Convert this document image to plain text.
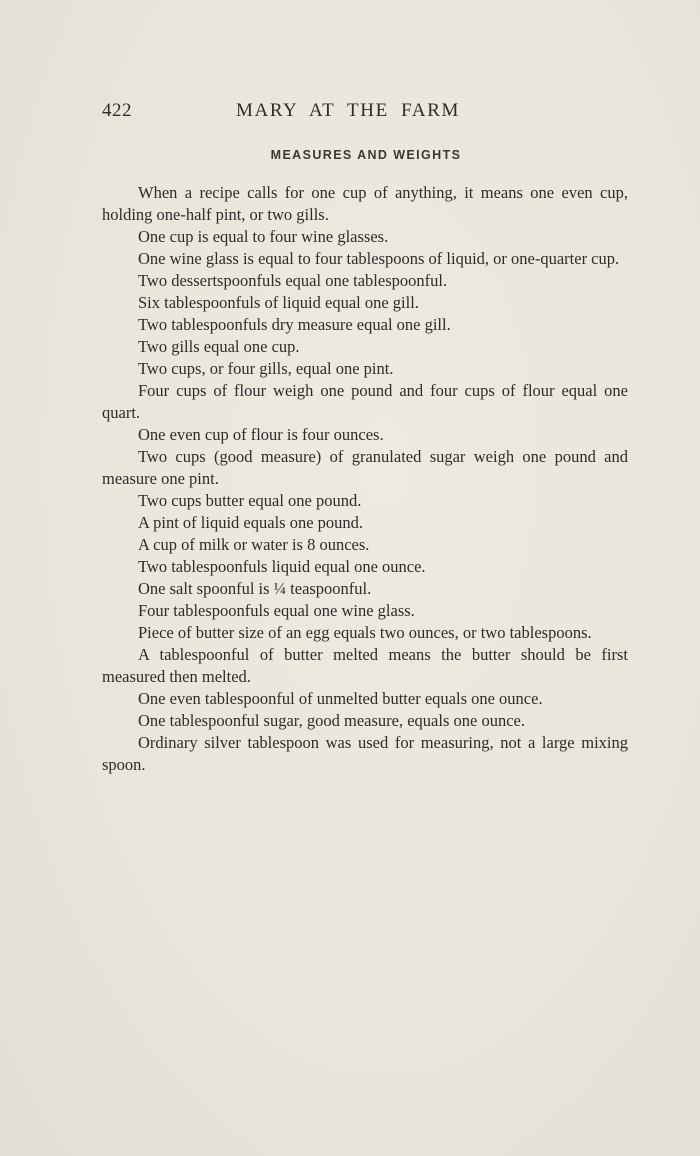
422	MARY AT THE FARM
MEASURES AND WEIGHTS

When a recipe calls for one cup of anything, it means one even cup, holding one-half pint, or two gills.

One cup is equal to four wine glasses.

One wine glass is equal to four tablespoons of liquid, or one-quarter cup.

Two dessertspoonfuls equal one tablespoonful.

Six tablespoonfuls of liquid equal one gill.

Two tablespoonfuls dry measure equal one gill.

Two gills equal one cup.

Two cups, or four gills, equal one pint.

Four cups of flour weigh one pound and four cups of flour equal one quart.

One even cup of flour is four ounces.

Two cups (good measure) of granulated sugar weigh one pound and measure one pint.

Two cups butter equal one pound.

A pint of liquid equals one pound.

A cup of milk or water is 8 ounces.

Two tablespoonfuls liquid equal one ounce.

One salt spoonful is ¼ teaspoonful.

Four tablespoonfuls equal one wine glass.

Piece of butter size of an egg equals two ounces, or two tablespoons.

A tablespoonful of butter melted means the butter should be first measured then melted.

One even tablespoonful of unmelted butter equals one ounce.

One tablespoonful sugar, good measure, equals one ounce.

Ordinary silver tablespoon was used for measuring, not a large mixing spoon.
